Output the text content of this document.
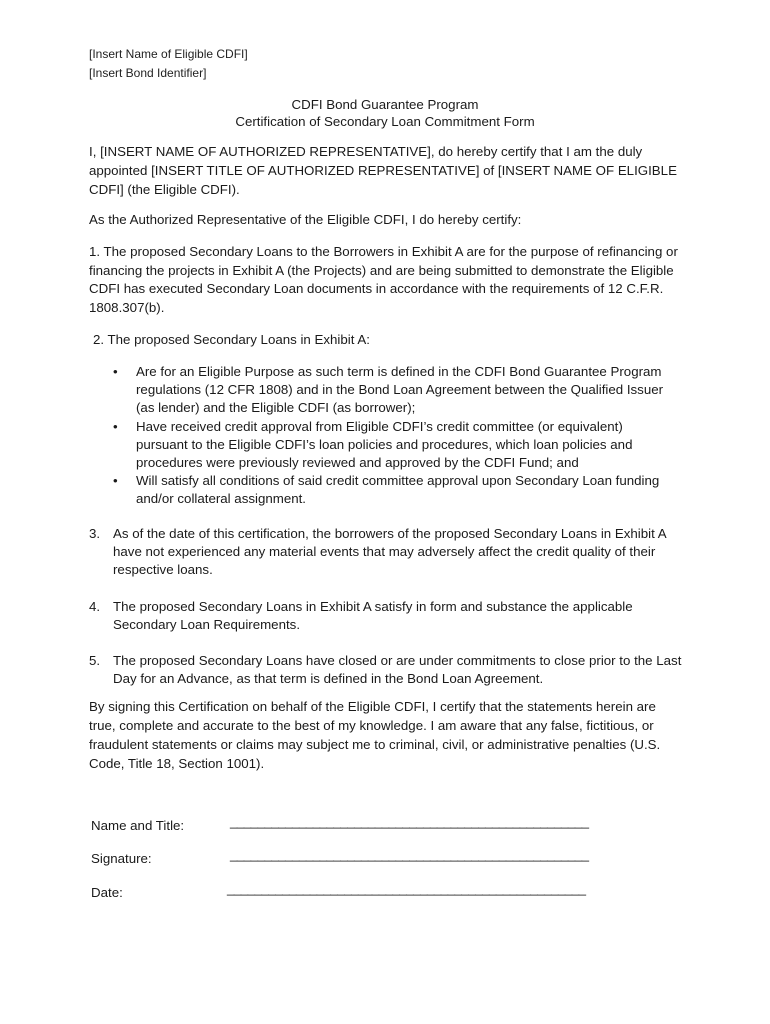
[Insert Name of Eligible CDFI]
[Insert Bond Identifier]
CDFI Bond Guarantee Program
Certification of Secondary Loan Commitment Form
I, [INSERT NAME OF AUTHORIZED REPRESENTATIVE], do hereby certify that I am the duly appointed [INSERT TITLE OF AUTHORIZED REPRESENTATIVE] of [INSERT NAME OF ELIGIBLE CDFI] (the Eligible CDFI).
As the Authorized Representative of the Eligible CDFI, I do hereby certify:
1. The proposed Secondary Loans to the Borrowers in Exhibit A are for the purpose of refinancing or financing the projects in Exhibit A (the Projects) and are being submitted to demonstrate the Eligible CDFI has executed Secondary Loan documents in accordance with the requirements of 12 C.F.R. 1808.307(b).
2. The proposed Secondary Loans in Exhibit A:
• Are for an Eligible Purpose as such term is defined in the CDFI Bond Guarantee Program regulations (12 CFR 1808) and in the Bond Loan Agreement between the Qualified Issuer (as lender) and the Eligible CDFI (as borrower);
• Have received credit approval from Eligible CDFI’s credit committee (or equivalent) pursuant to the Eligible CDFI’s loan policies and procedures, which loan policies and procedures were previously reviewed and approved by the CDFI Fund; and
• Will satisfy all conditions of said credit committee approval upon Secondary Loan funding and/or collateral assignment.
3. As of the date of this certification, the borrowers of the proposed Secondary Loans in Exhibit A have not experienced any material events that may adversely affect the credit quality of their respective loans.
4. The proposed Secondary Loans in Exhibit A satisfy in form and substance the applicable Secondary Loan Requirements.
5. The proposed Secondary Loans have closed or are under commitments to close prior to the Last Day for an Advance, as that term is defined in the Bond Loan Agreement.
By signing this Certification on behalf of the Eligible CDFI, I certify that the statements herein are true, complete and accurate to the best of my knowledge. I am aware that any false, fictitious, or fraudulent statements or claims may subject me to criminal, civil, or administrative penalties (U.S. Code, Title 18, Section 1001).
Name and Title:	____________________________________________________
Signature:	____________________________________________________
Date:	____________________________________________________
